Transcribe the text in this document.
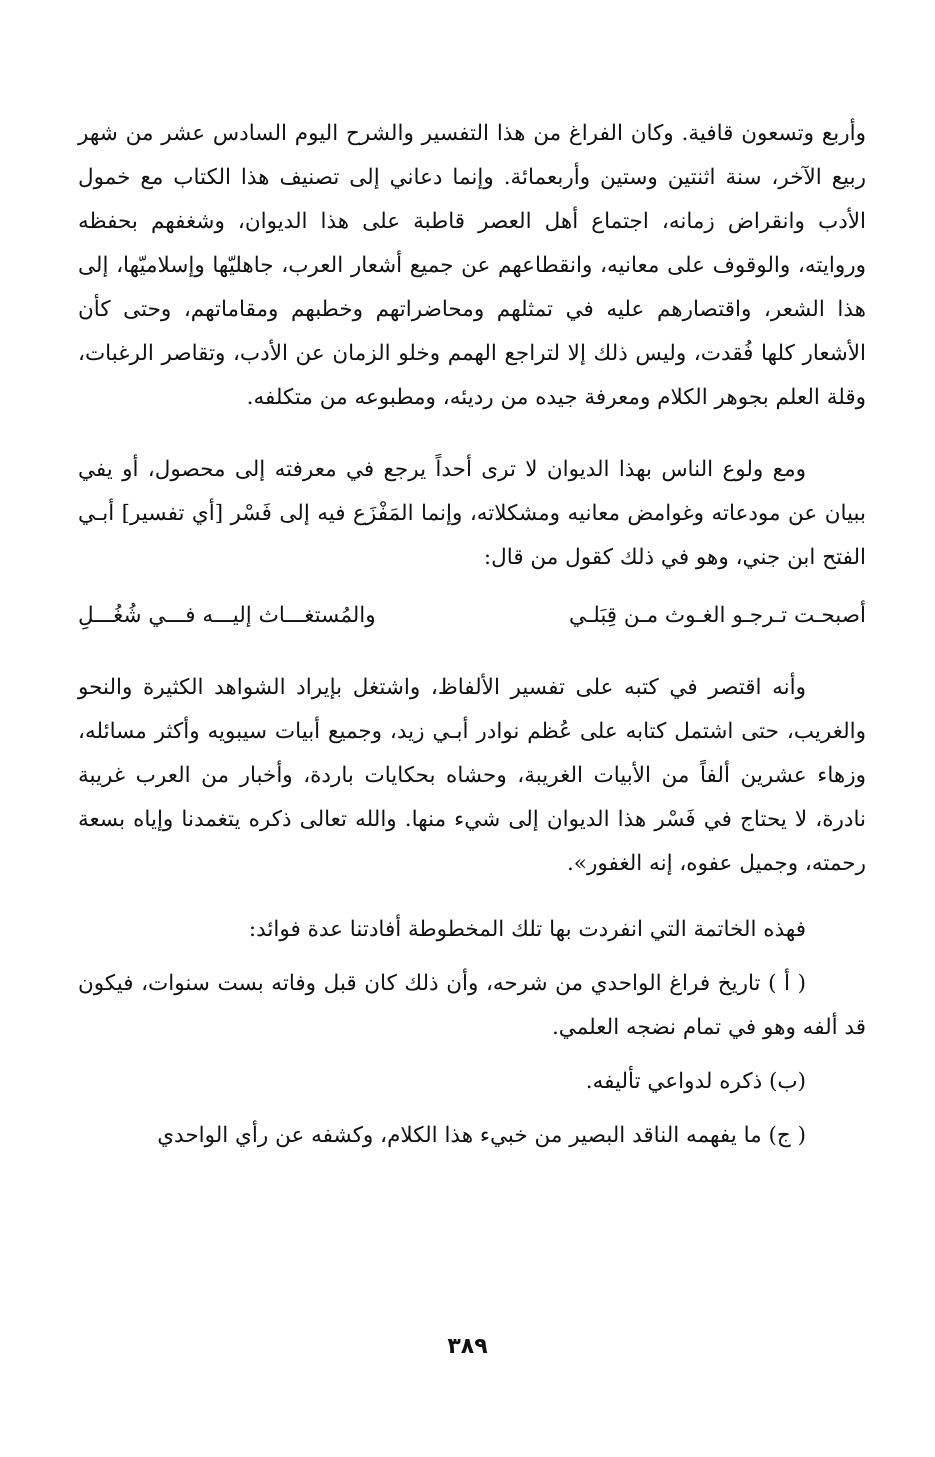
وأربع وتسعون قافية. وكان الفراغ من هذا التفسير والشرح اليوم السادس عشر من شهر ربيع الآخر، سنة اثنتين وستين وأربعمائة. وإنما دعاني إلى تصنيف هذا الكتاب مع خمول الأدب وانقراض زمانه، اجتماع أهل العصر قاطبة على هذا الديوان، وشغفهم بحفظه وروايته، والوقوف على معانيه، وانقطاعهم عن جميع أشعار العرب، جاهليّها وإسلاميّها، إلى هذا الشعر، واقتصارهم عليه في تمثلهم ومحاضراتهم وخطبهم ومقاماتهم، وحتى كأن الأشعار كلها فُقدت، وليس ذلك إلا لتراجع الهمم وخلو الزمان عن الأدب، وتقاصر الرغبات، وقلة العلم بجوهر الكلام ومعرفة جيده من رديئه، ومطبوعه من متكلفه.

ومع ولوع الناس بهذا الديوان لا ترى أحداً يرجع في معرفته إلى محصول، أو يفي ببيان عن مودعاته وغوامض معانيه ومشكلاته، وإنما المَفْزَع فيه إلى فَسْر [أي تفسير] أبـي الفتح ابن جني، وهو في ذلك كقول من قال:

أصبحـت تـرجـو الغـوث مـن قِبَلـي
والمُستغـــاث إليـــه فـــي شُغُـــلِ

وأنه اقتصر في كتبه على تفسير الألفاظ، واشتغل بإيراد الشواهد الكثيرة والنحو والغريب، حتى اشتمل كتابه على عُظم نوادر أبـي زيد، وجميع أبيات سيبويه وأكثر مسائله، وزهاء عشرين ألفاً من الأبيات الغريبة، وحشاه بحكايات باردة، وأخبار من العرب غريبة نادرة، لا يحتاج في فَسْر هذا الديوان إلى شيء منها. والله تعالى ذكره يتغمدنا وإياه بسعة رحمته، وجميل عفوه، إنه الغفور».

فهذه الخاتمة التي انفردت بها تلك المخطوطة أفادتنا عدة فوائد:

( أ ) تاريخ فراغ الواحدي من شرحه، وأن ذلك كان قبل وفاته بست سنوات، فيكون قد ألفه وهو في تمام نضجه العلمي.

(ب) ذكره لدواعي تأليفه.

( ج) ما يفهمه الناقد البصير من خبيء هذا الكلام، وكشفه عن رأي الواحدي

٣٨٩
